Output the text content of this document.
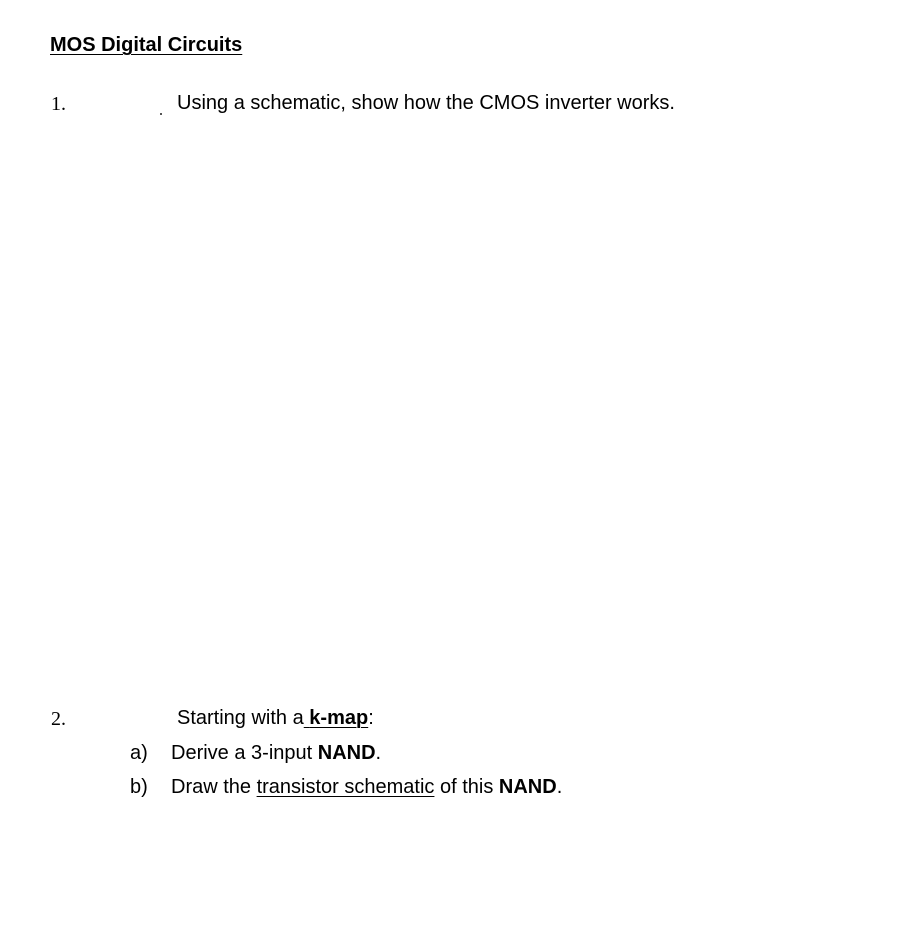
MOS Digital Circuits
1.	Using a schematic, show how the CMOS inverter works.
2.	Starting with a k-map:
a) Derive a 3-input NAND.
b) Draw the transistor schematic of this NAND.
